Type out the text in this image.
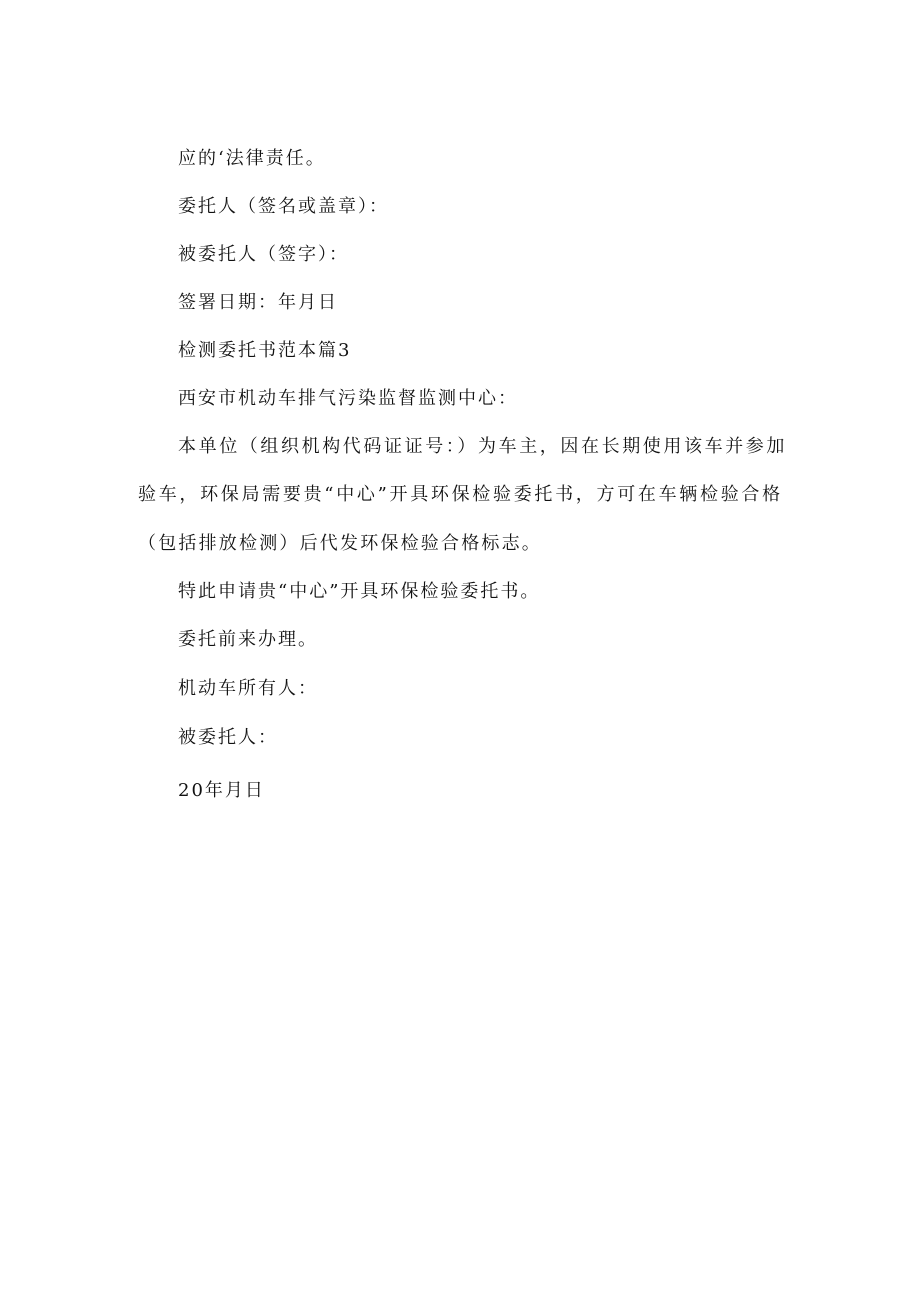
应的‘法律责任。
委托人（签名或盖章）：
被委托人（签字）：
签署日期：年月日
检测委托书范本篇3
西安市机动车排气污染监督监测中心：
本单位（组织机构代码证证号：）为车主，因在长期使用该车并参加
验车，环保局需要贵“中心”开具环保检验委托书，方可在车辆检验合格
（包括排放检测）后代发环保检验合格标志。
特此申请贵“中心”开具环保检验委托书。
委托前来办理。
机动车所有人：
被委托人：
20年月日
